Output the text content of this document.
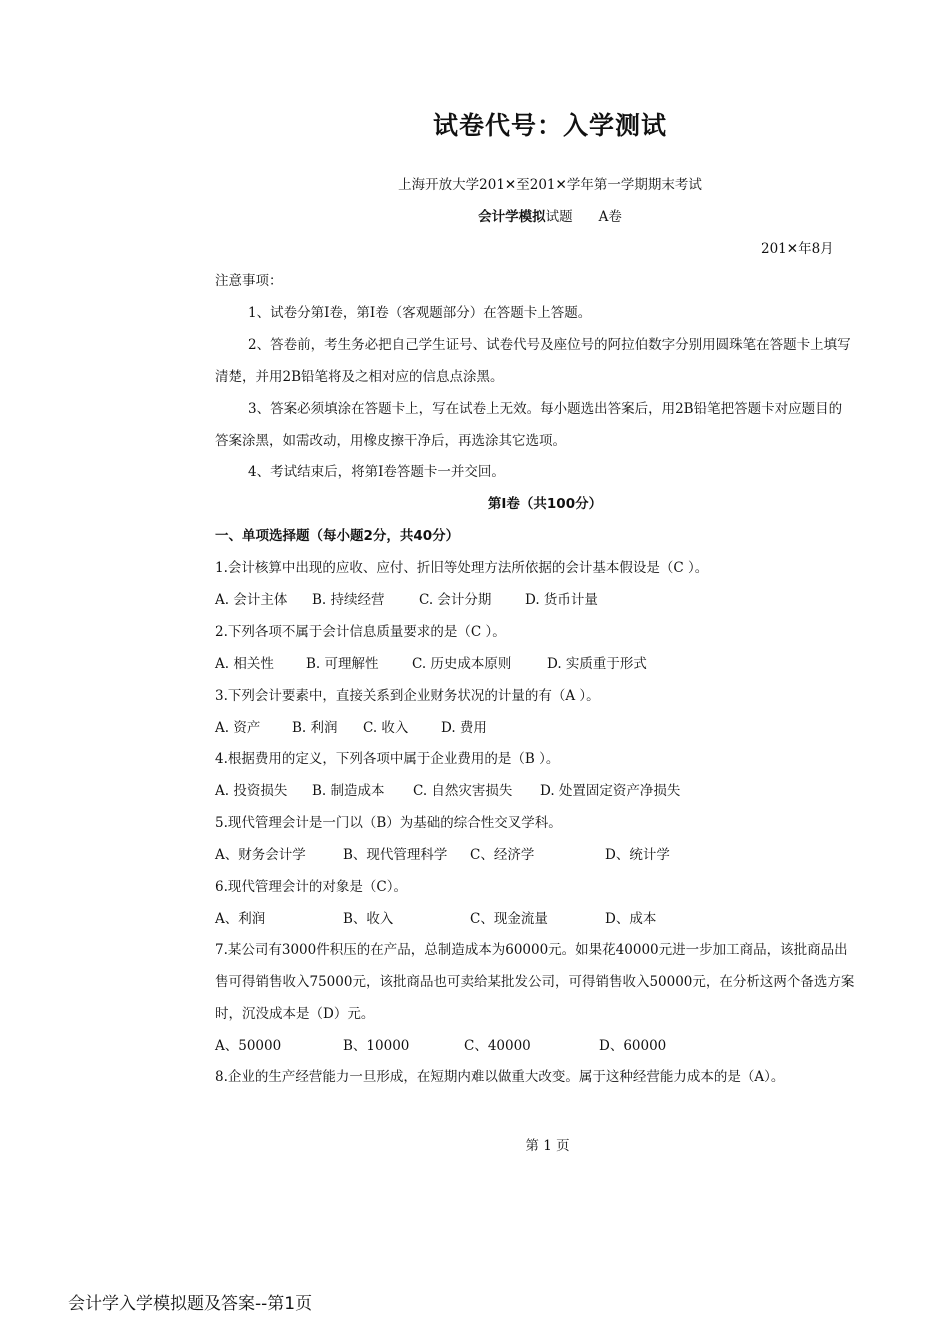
试卷代号：入学测试
上海开放大学201✕至201✕学年第一学期期末考试
会计学模拟试题 A卷
201✕年8月
注意事项：
1、试卷分第Ⅰ卷，第Ⅰ卷（客观题部分）在答题卡上答题。
2、答卷前，考生务必把自己学生证号、试卷代号及座位号的阿拉伯数字分别用圆珠笔在答题卡上填写
清楚，并用2B铅笔将及之相对应的信息点涂黑。
3、答案必须填涂在答题卡上，写在试卷上无效。每小题选出答案后，用2B铅笔把答题卡对应题目的
答案涂黑，如需改动，用橡皮擦干净后，再选涂其它选项。
4、考试结束后，将第Ⅰ卷答题卡一并交回。
第Ⅰ卷（共100分）
一、单项选择题（每小题2分，共40分）
1.会计核算中出现的应收、应付、折旧等处理方法所依据的会计基本假设是（C ）。
A. 会计主体 B. 持续经营	C. 会计分期 D. 货币计量
2.下列各项不属于会计信息质量要求的是（C ）。
A. 相关性 B. 可理解性 C. 历史成本原则	D. 实质重于形式
3.下列会计要素中，直接关系到企业财务状况的计量的有（A ）。
A. 资产 B. 利润 C. 收入 D. 费用
4.根据费用的定义，下列各项中属于企业费用的是（B ）。
A. 投资损失 B. 制造成本 C. 自然灾害损失 D. 处置固定资产净损失
5.现代管理会计是一门以（B）为基础的综合性交叉学科。
A、财务会计学	B、现代管理科学 C、经济学	D、统计学
6.现代管理会计的对象是（C）。
A、利润	B、收入	C、现金流量	D、成本
7.某公司有3000件积压的在产品，总制造成本为60000元。如果花40000元进一步加工商品，该批商品出
售可得销售收入75000元，该批商品也可卖给某批发公司，可得销售收入50000元，在分析这两个备选方案
时，沉没成本是（D）元。
A、50000	B、10000	C、40000	D、60000
8.企业的生产经营能力一旦形成，在短期内难以做重大改变。属于这种经营能力成本的是（A）。
第 1 页
会计学入学模拟题及答案--第1页
